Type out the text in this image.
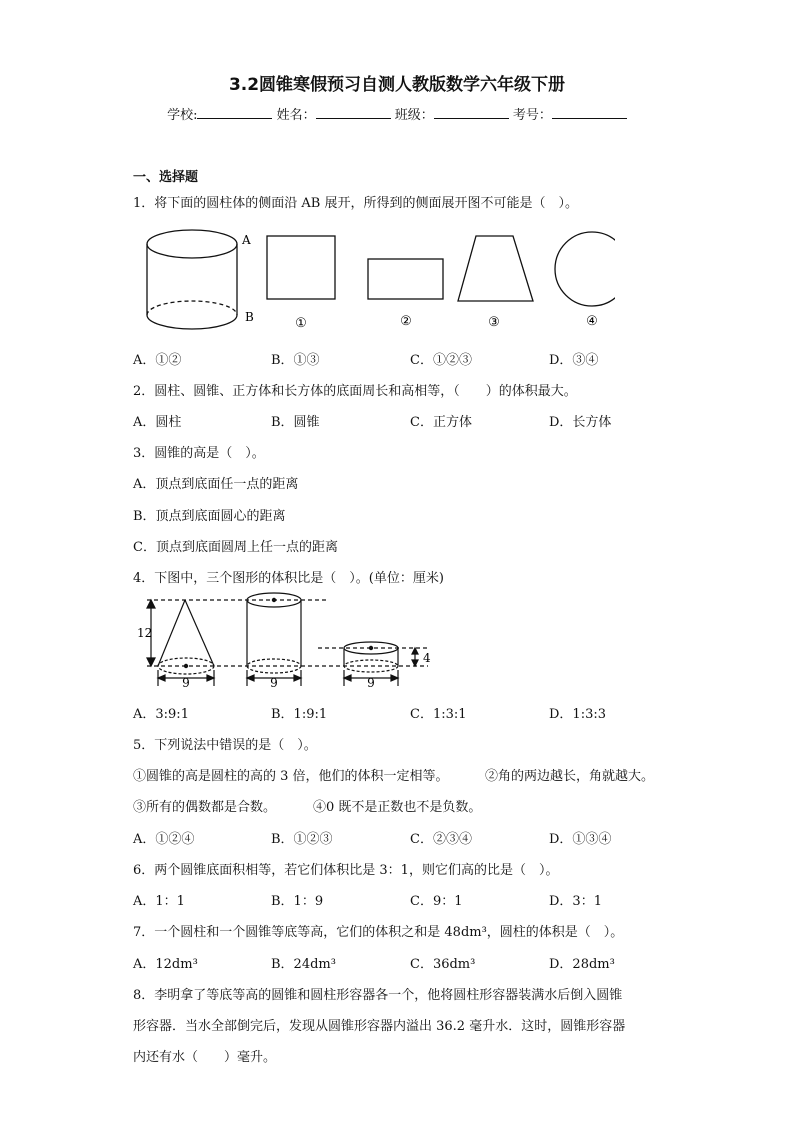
3.2圆锥寒假预习自测人教版数学六年级下册
学校:	姓名：	班级：	考号：
一、选择题
1．将下面的圆柱体的侧面沿 AB 展开，所得到的侧面展开图不可能是（　）。
A
B	①	②	③	④
A．①②	B．①③	C．①②③	D．③④
2．圆柱、圆锥、正方体和长方体的底面周长和高相等，（　　）的体积最大。
A．圆柱	B．圆锥	C．正方体	D．长方体
3．圆锥的高是（　）。
A．顶点到底面任一点的距离
B．顶点到底面圆心的距离
C．顶点到底面圆周上任一点的距离
4．下图中，三个图形的体积比是（　）。(单位：厘米)
12
4
9	9	9
A．3:9:1	B．1:9:1	C．1:3:1	D．1:3:3
5．下列说法中错误的是（　）。
①圆锥的高是圆柱的高的 3 倍，他们的体积一定相等。	②角的两边越长，角就越大。
③所有的偶数都是合数。	④0 既不是正数也不是负数。
A．①②④	B．①②③	C．②③④	D．①③④
6．两个圆锥底面积相等，若它们体积比是 3：1，则它们高的比是（　）。
A．1：1	B．1：9	C．9：1	D．3：1
7．一个圆柱和一个圆锥等底等高，它们的体积之和是 48dm³，圆柱的体积是（　）。
A．12dm³	B．24dm³	C．36dm³	D．28dm³
8．李明拿了等底等高的圆锥和圆柱形容器各一个，他将圆柱形容器装满水后倒入圆锥
形容器．当水全部倒完后，发现从圆锥形容器内溢出 36.2 毫升水．这时，圆锥形容器
内还有水（　　）毫升。
